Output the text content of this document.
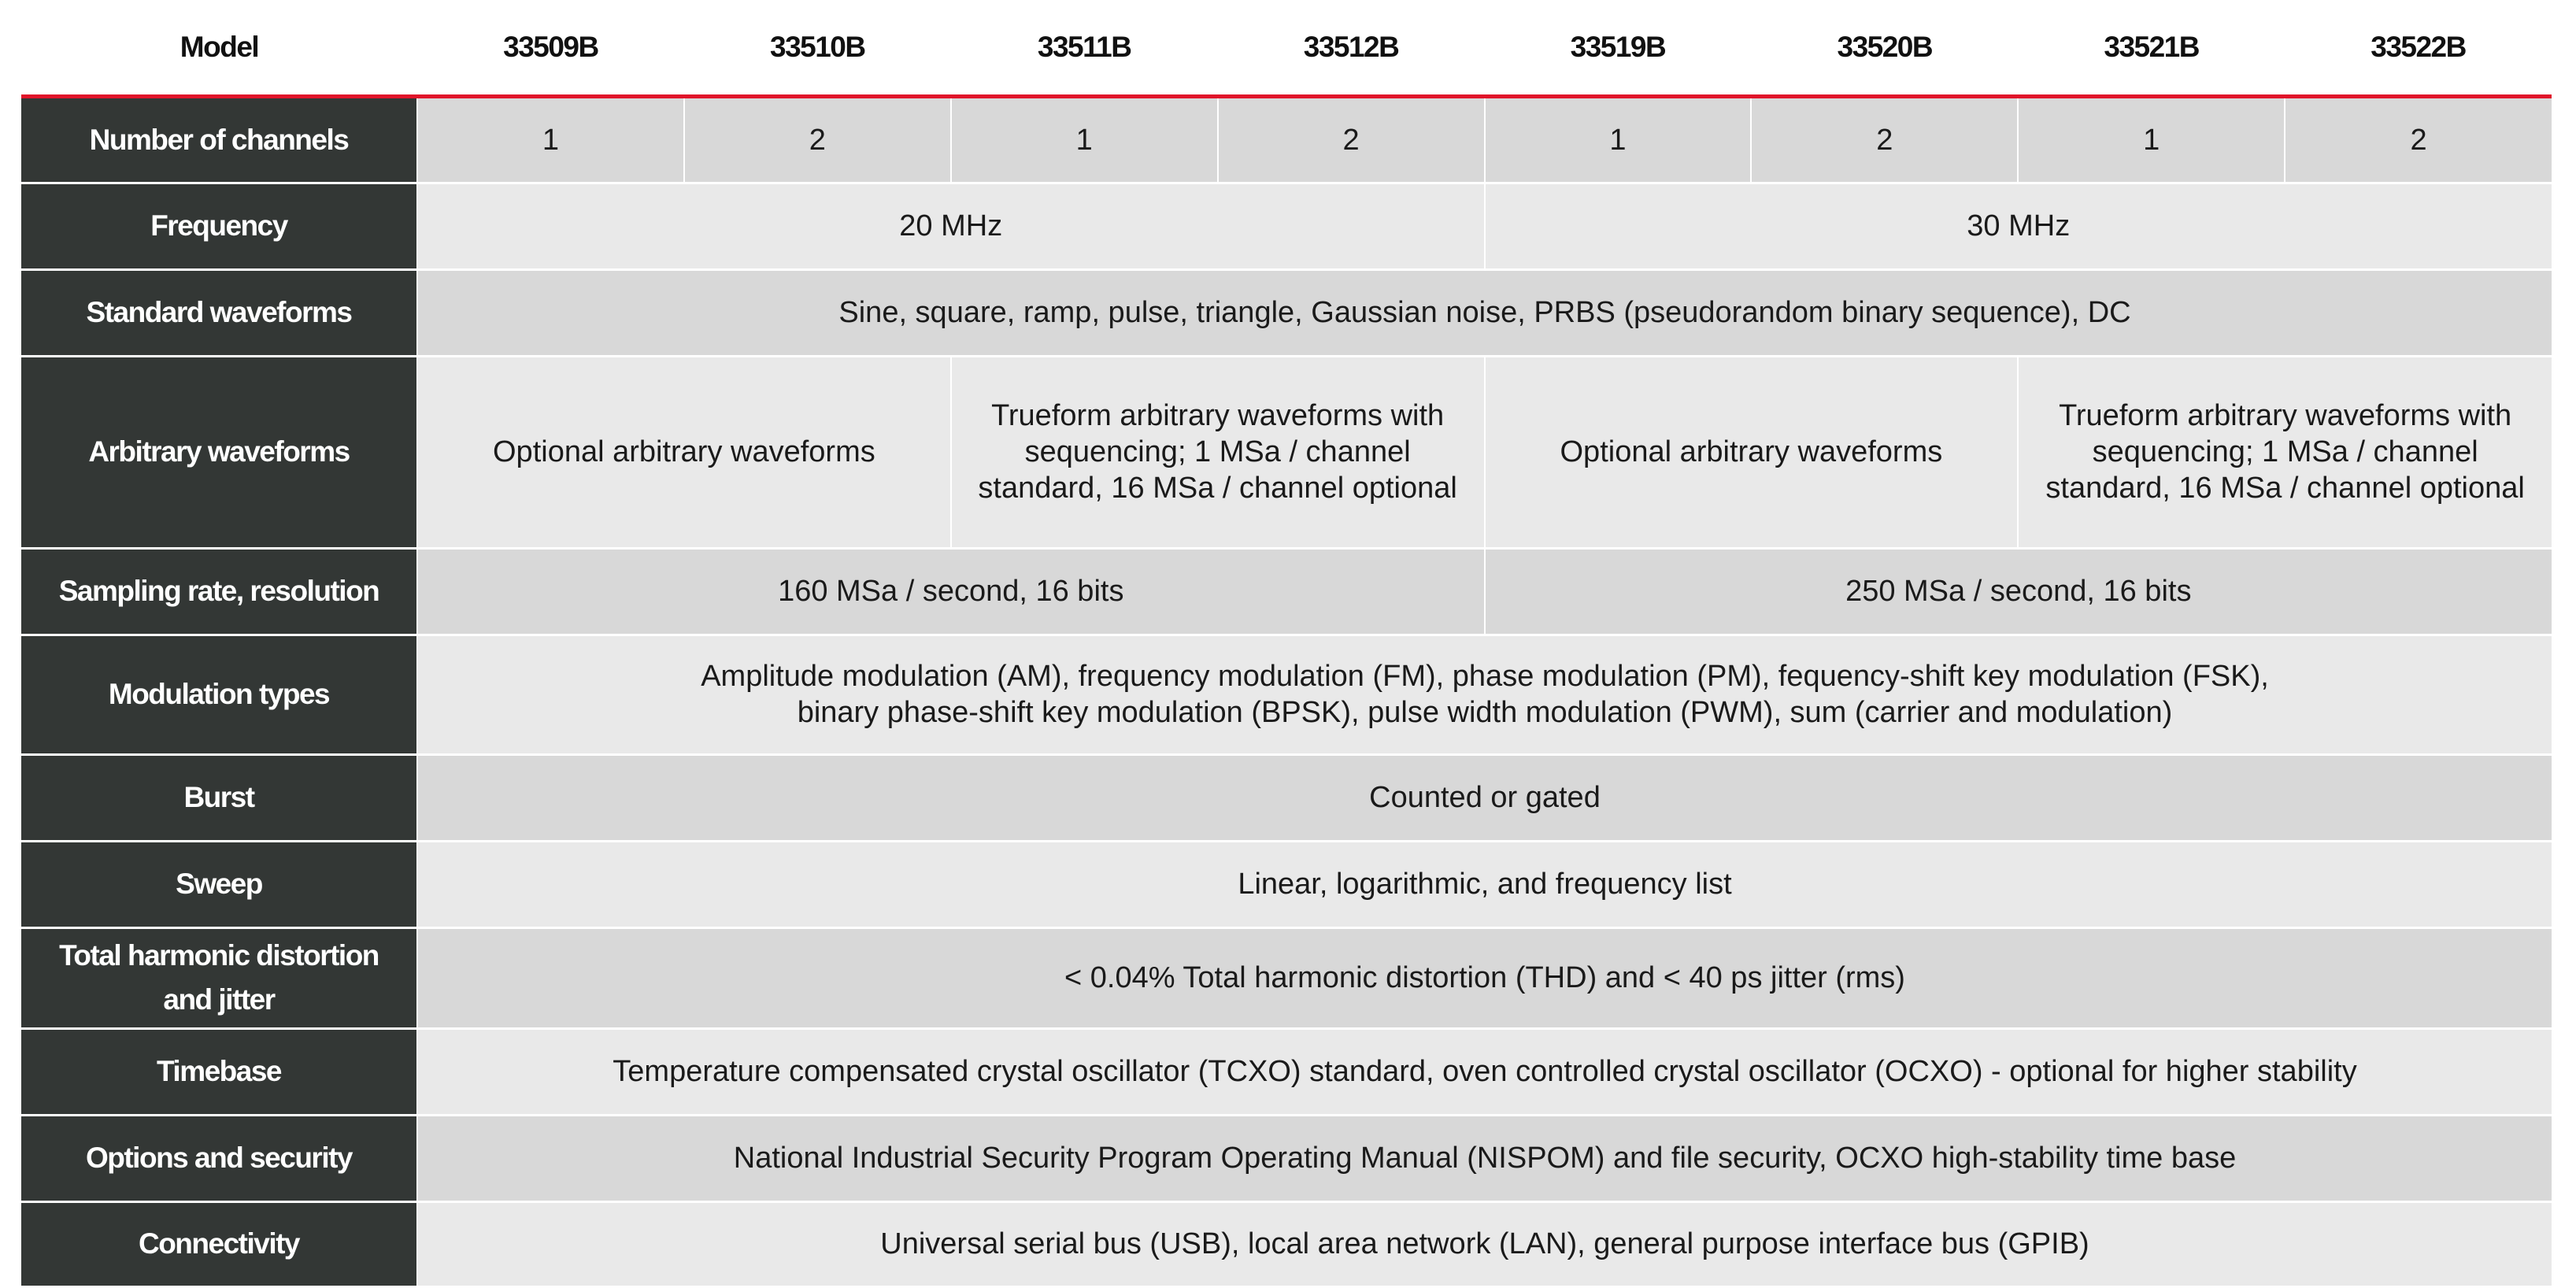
Model	33509B	33510B	33511B	33512B	33519B	33520B	33521B	33522B
Number of channels	1	2	1	2	1	2	1	2
Frequency	20 MHz				30 MHz			
Standard waveforms	Sine, square, ramp, pulse, triangle, Gaussian noise, PRBS (pseudorandom binary sequence), DC							
Arbitrary waveforms	Optional arbitrary waveforms		Trueform arbitrary waveforms with sequencing; 1 MSa / channel standard, 16 MSa / channel optional		Optional arbitrary waveforms		Trueform arbitrary waveforms with sequencing; 1 MSa / channel standard, 16 MSa / channel optional	
Sampling rate, resolution	160 MSa / second, 16 bits				250 MSa / second, 16 bits			
Modulation types	Amplitude modulation (AM), frequency modulation (FM), phase modulation (PM), fequency-shift key modulation (FSK),
binary phase-shift key modulation (BPSK), pulse width modulation (PWM), sum (carrier and modulation)							

Burst	Counted or gated							
Sweep	Linear, logarithmic, and frequency list							

Total harmonic distortion
and jitter	< 0.04% Total harmonic distortion (THD) and < 40 ps jitter (rms)							
Timebase	Temperature compensated crystal oscillator (TCXO) standard, oven controlled crystal oscillator (OCXO) - optional for higher stability							
Options and security	National Industrial Security Program Operating Manual (NISPOM) and file security, OCXO high-stability time base							
Connectivity	Universal serial bus (USB), local area network (LAN), general purpose interface bus (GPIB)							
